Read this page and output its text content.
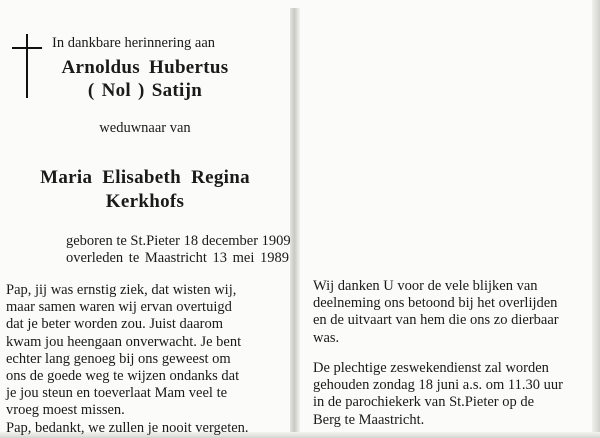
In dankbare herinnering aan
Arnoldus Hubertus
( Nol ) Satijn
weduwnaar van
Maria Elisabeth Regina
Kerkhofs
geboren te St.Pieter 18 december 1909
overleden te Maastricht 13 mei 1989
Pap, jij was ernstig ziek, dat wisten wij,
maar samen waren wij ervan overtuigd
dat je beter worden zou. Juist daarom
kwam jou heengaan onverwacht. Je bent
echter lang genoeg bij ons geweest om
ons de goede weg te wijzen ondanks dat
je jou steun en toeverlaat Mam veel te
vroeg moest missen.
Pap, bedankt, we zullen je nooit vergeten.
Wij danken U voor de vele blijken van
deelneming ons betoond bij het overlijden
en de uitvaart van hem die ons zo dierbaar
was.
De plechtige zeswekendienst zal worden
gehouden zondag 18 juni a.s. om 11.30 uur
in de parochiekerk van St.Pieter op de
Berg te Maastricht.
